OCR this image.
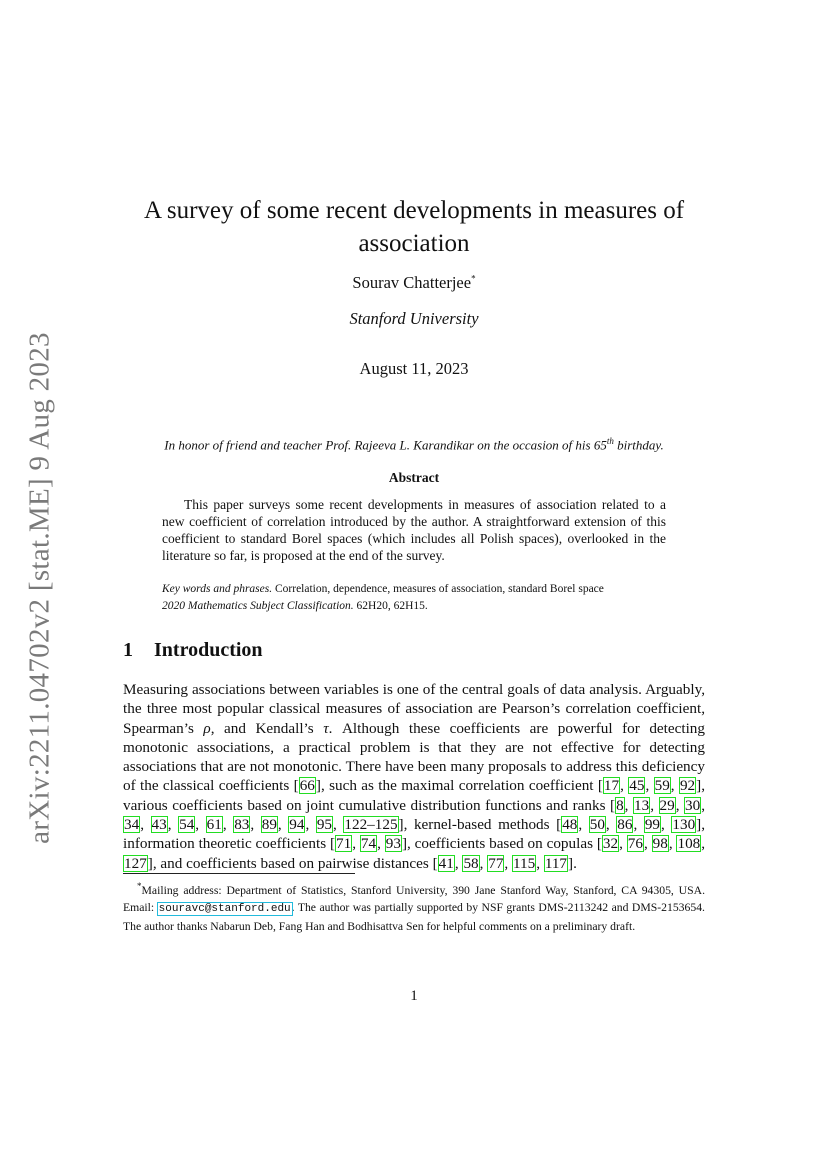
arXiv:2211.04702v2 [stat.ME] 9 Aug 2023
A survey of some recent developments in measures of
association
Sourav Chatterjee*
Stanford University
August 11, 2023
In honor of friend and teacher Prof. Rajeeva L. Karandikar on the occasion of his 65th birthday.
Abstract
This paper surveys some recent developments in measures of association related to a new coefficient of correlation introduced by the author. A straightforward extension of this coefficient to standard Borel spaces (which includes all Polish spaces), overlooked in the literature so far, is proposed at the end of the survey.
Key words and phrases. Correlation, dependence, measures of association, standard Borel space
2020 Mathematics Subject Classification. 62H20, 62H15.
1 Introduction
Measuring associations between variables is one of the central goals of data analysis. Arguably, the three most popular classical measures of association are Pearson’s correlation coefficient, Spearman’s ρ, and Kendall’s τ. Although these coefficients are powerful for detecting monotonic associations, a practical problem is that they are not effective for detecting associations that are not monotonic. There have been many proposals to address this deficiency of the classical coefficients [66], such as the maximal correlation coefficient [17, 45, 59, 92], various coefficients based on joint cumulative distribution functions and ranks [8, 13, 29, 30, 34, 43, 54, 61, 83, 89, 94, 95, 122–125], kernel-based methods [48, 50, 86, 99, 130], information theoretic coefficients [71, 74, 93], coefficients based on copulas [32, 76, 98, 108, 127], and coefficients based on pairwise distances [41, 58, 77, 115, 117].
*Mailing address: Department of Statistics, Stanford University, 390 Jane Stanford Way, Stanford, CA 94305, USA. Email: souravc@stanford.edu. The author was partially supported by NSF grants DMS-2113242 and DMS-2153654. The author thanks Nabarun Deb, Fang Han and Bodhisattva Sen for helpful comments on a preliminary draft.
1
